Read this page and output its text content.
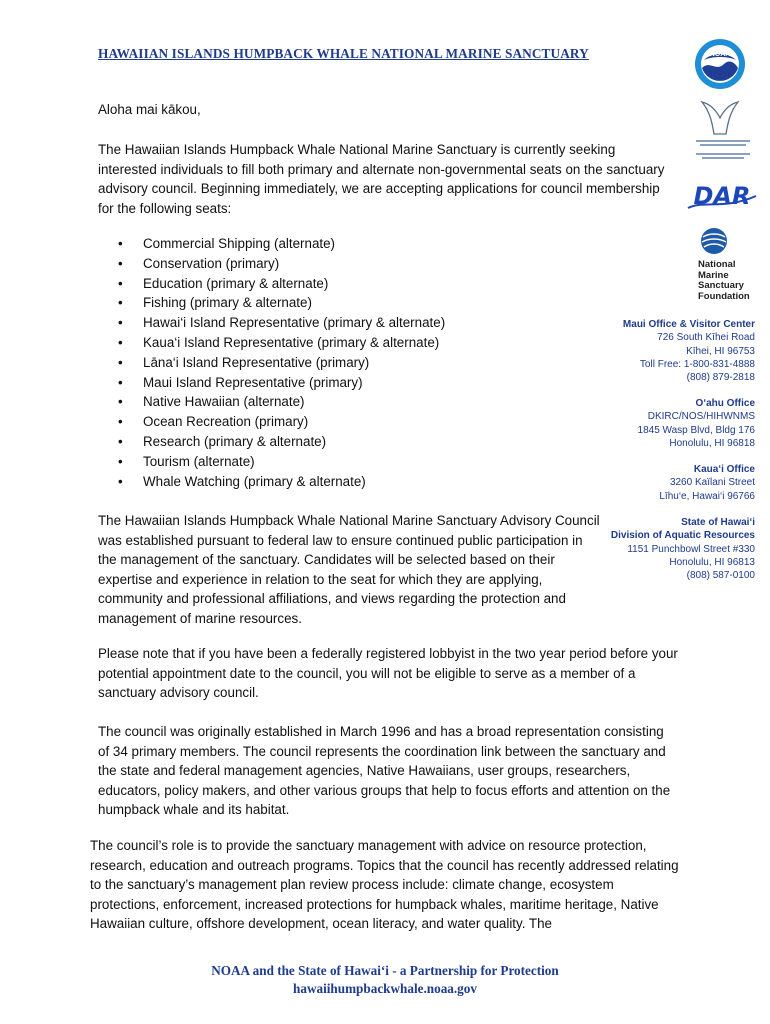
HAWAIIAN ISLANDS HUMPBACK WHALE NATIONAL MARINE SANCTUARY	NOAA
DAR
National
Marine
Sanctuary
Foundation

Aloha mai kākou,

The Hawaiian Islands Humpback Whale National Marine Sanctuary is currently seeking interested individuals to fill both primary and alternate non-governmental seats on the sanctuary advisory council. Beginning immediately, we are accepting applications for council membership for the following seats:

• Commercial Shipping (alternate)
• Conservation (primary)
• Education (primary & alternate)
• Fishing (primary & alternate)
• Hawai‘i Island Representative (primary & alternate)
• Kaua‘i Island Representative (primary & alternate)
• Lāna‘i Island Representative (primary)
• Maui Island Representative (primary)
• Native Hawaiian (alternate)
• Ocean Recreation (primary)
• Research (primary & alternate)
• Tourism (alternate)
• Whale Watching (primary & alternate)
Maui Office & Visitor Center
726 South Kīhei Road
Kīhei, HI 96753
Toll Free: 1-800-831-4888
(808) 879-2818
O‘ahu Office
DKIRC/NOS/HIHWNMS
1845 Wasp Blvd, Bldg 176
Honolulu, HI 96818
Kaua‘i Office
3260 Kaïlani Street
Līhu‘e, Hawai‘i 96766
State of Hawai‘i
Division of Aquatic Resources
1151 Punchbowl Street #330
Honolulu, HI 96813
(808) 587-0100

The Hawaiian Islands Humpback Whale National Marine Sanctuary Advisory Council was established pursuant to federal law to ensure continued public participation in the management of the sanctuary. Candidates will be selected based on their expertise and experience in relation to the seat for which they are applying, community and professional affiliations, and views regarding the protection and management of marine resources.

Please note that if you have been a federally registered lobbyist in the two year period before your potential appointment date to the council, you will not be eligible to serve as a member of a sanctuary advisory council.

The council was originally established in March 1996 and has a broad representation consisting of 34 primary members. The council represents the coordination link between the sanctuary and the state and federal management agencies, Native Hawaiians, user groups, researchers, educators, policy makers, and other various groups that help to focus efforts and attention on the humpback whale and its habitat.

The council’s role is to provide the sanctuary management with advice on resource protection, research, education and outreach programs. Topics that the council has recently addressed relating to the sanctuary’s management plan review process include: climate change, ecosystem protections, enforcement, increased protections for humpback whales, maritime heritage, Native Hawaiian culture, offshore development, ocean literacy, and water quality. The

NOAA and the State of Hawai‘i - a Partnership for Protection
hawaiihumpbackwhale.noaa.gov
